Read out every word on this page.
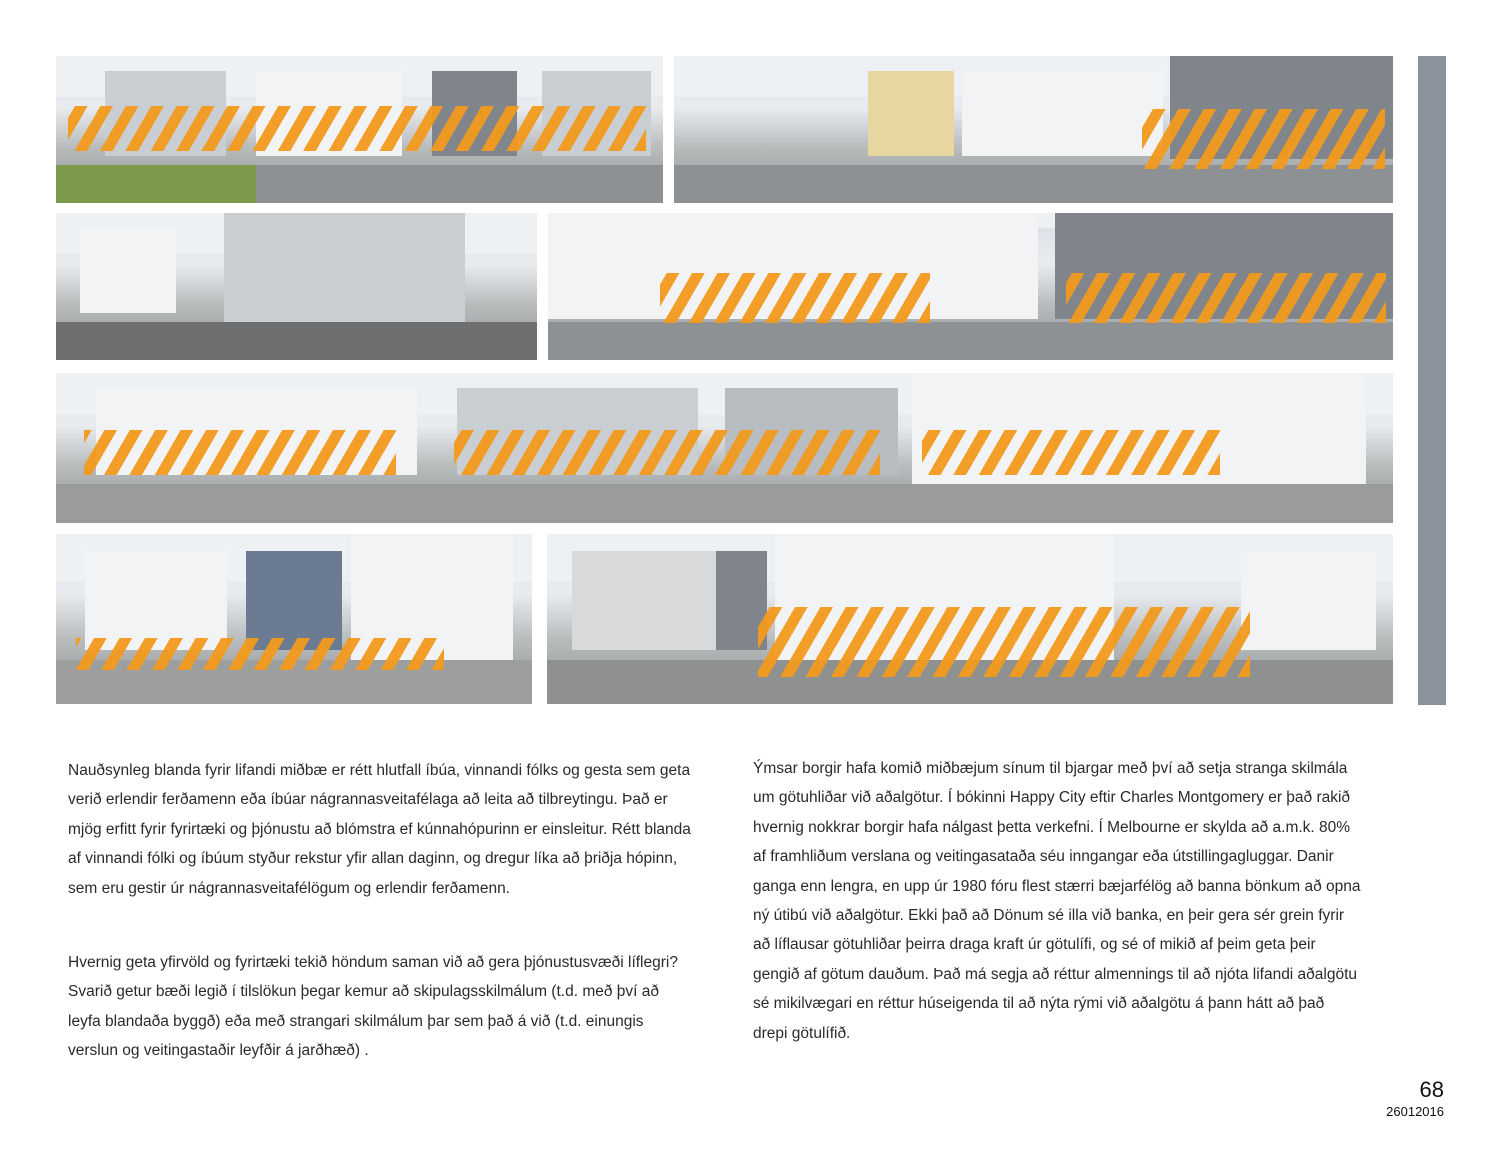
Nauðsynleg blanda fyrir lifandi miðbæ er rétt hlutfall íbúa, vinnandi fólks og gesta sem geta verið erlendir ferðamenn eða íbúar nágrannasveitafélaga að leita að tilbreytingu. Það er mjög erfitt fyrir fyrirtæki og þjónustu að blómstra ef kúnnahópurinn er einsleitur. Rétt blanda af vinnandi fólki og íbúum styður rekstur yfir allan daginn, og dregur líka að þriðja hópinn, sem eru gestir úr nágrannasveitafélögum og erlendir ferðamenn.

Hvernig geta yfirvöld og fyrirtæki tekið höndum saman við að gera þjónustusvæði líflegri? Svarið getur bæði legið í tilslökun þegar kemur að skipulagsskilmálum (t.d. með því að leyfa blandaða byggð) eða með strangari skilmálum þar sem það á við (t.d. einungis verslun og veitingastaðir leyfðir á jarðhæð) .

Ýmsar borgir hafa komið miðbæjum sínum til bjargar með því að setja stranga skilmála um götuhliðar við aðalgötur. Í bókinni Happy City eftir Charles Montgomery er það rakið hvernig nokkrar borgir hafa nálgast þetta verkefni. Í Melbourne er skylda að a.m.k. 80% af framhliðum verslana og veitingasataða séu inngangar eða útstillingagluggar. Danir ganga enn lengra, en upp úr 1980 fóru flest stærri bæjarfélög að banna bönkum að opna ný útibú við aðalgötur. Ekki það að Dönum sé illa við banka, en þeir gera sér grein fyrir að líflausar götuhliðar þeirra draga kraft úr götulífi, og sé of mikið af þeim geta þeir gengið af götum dauðum. Það má segja að réttur almennings til að njóta lifandi aðalgötu sé mikilvægari en réttur húseigenda til að nýta rými við aðalgötu á þann hátt að það drepi götulífið.

68
26012016
